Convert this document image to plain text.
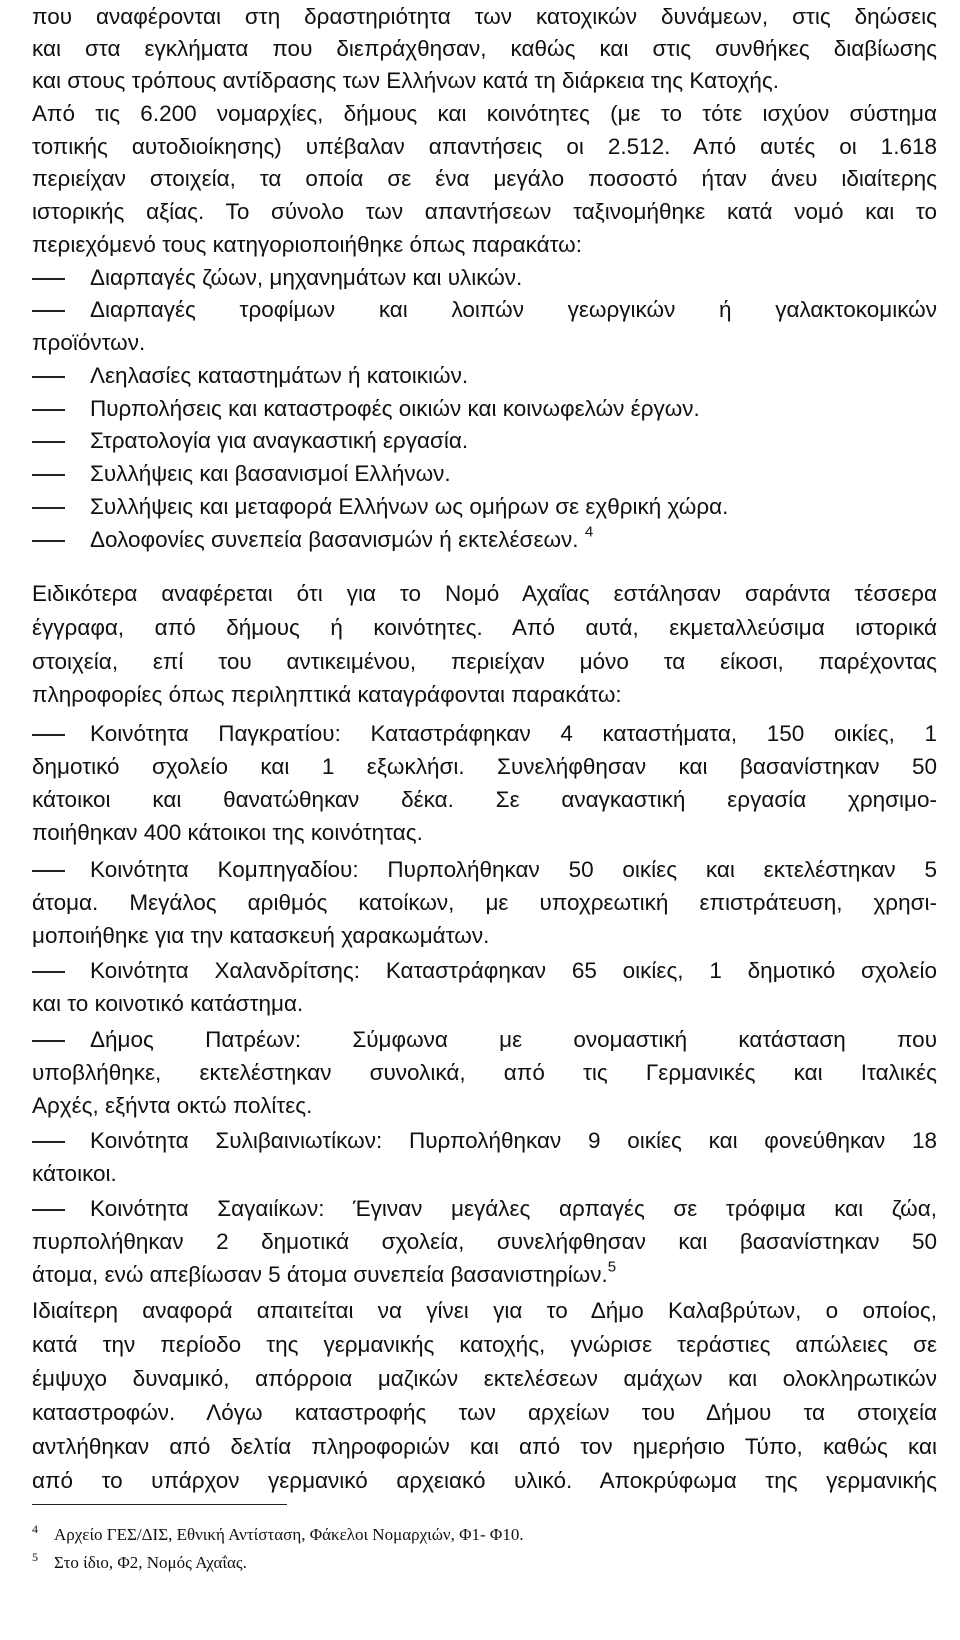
που αναφέρονται στη δραστηριότητα των κατοχικών δυνάμεων, στις δηώσεις

και στα εγκλήματα που διεπράχθησαν, καθώς και στις συνθήκες διαβίωσης

και στους τρόπους αντίδρασης των Ελλήνων κατά τη διάρκεια της Κατοχής.

Από τις 6.200 νομαρχίες, δήμους και κοινότητες (με το τότε ισχύον σύστημα

τοπικής αυτοδιοίκησης) υπέβαλαν απαντήσεις οι 2.512. Από αυτές οι 1.618

περιείχαν στοιχεία, τα οποία σε ένα μεγάλο ποσοστό ήταν άνευ ιδιαίτερης

ιστορικής αξίας. Το σύνολο των απαντήσεων ταξινομήθηκε κατά νομό και το

περιεχόμενό τους κατηγοριοποιήθηκε όπως παρακάτω:

Διαρπαγές ζώων, μηχανημάτων και υλικών.

Διαρπαγές τροφίμων και λοιπών γεωργικών ή γαλακτοκομικών

προϊόντων.

Λεηλασίες καταστημάτων ή κατοικιών.

Πυρπολήσεις και καταστροφές οικιών και κοινωφελών έργων.

Στρατολογία για αναγκαστική εργασία.

Συλλήψεις και βασανισμοί Ελλήνων.

Συλλήψεις και μεταφορά Ελλήνων ως ομήρων σε εχθρική χώρα.

Δολοφονίες συνεπεία βασανισμών ή εκτελέσεων. $^4$

Ειδικότερα αναφέρεται ότι για το Νομό Αχαΐας εστάλησαν σαράντα τέσσερα

έγγραφα, από δήμους ή κοινότητες. Από αυτά, εκμεταλλεύσιμα ιστορικά

στοιχεία, επί του αντικειμένου, περιείχαν μόνο τα είκοσι, παρέχοντας

πληροφορίες όπως περιληπτικά καταγράφονται παρακάτω:

Κοινότητα Παγκρατίου: Καταστράφηκαν 4 καταστήματα, 150 οικίες, 1

δημοτικό σχολείο και 1 εξωκλήσι. Συνελήφθησαν και βασανίστηκαν 50

κάτοικοι και θανατώθηκαν δέκα. Σε αναγκαστική εργασία χρησιμο-

ποιήθηκαν 400 κάτοικοι της κοινότητας.

Κοινότητα Κομπηγαδίου: Πυρπολήθηκαν 50 οικίες και εκτελέστηκαν 5

άτομα. Μεγάλος αριθμός κατοίκων, με υποχρεωτική επιστράτευση, χρησι-

μοποιήθηκε για την κατασκευή χαρακωμάτων.

Κοινότητα Χαλανδρίτσης: Καταστράφηκαν 65 οικίες, 1 δημοτικό σχολείο

και το κοινοτικό κατάστημα.

Δήμος Πατρέων: Σύμφωνα με ονομαστική κατάσταση που

υποβλήθηκε, εκτελέστηκαν συνολικά, από τις Γερμανικές και Ιταλικές

Αρχές, εξήντα οκτώ πολίτες.

Κοινότητα Συλιβαινιωτίκων: Πυρπολήθηκαν 9 οικίες και φονεύθηκαν 18

κάτοικοι.

Κοινότητα Σαγαιίκων: Έγιναν μεγάλες αρπαγές σε τρόφιμα και ζώα,

πυρπολήθηκαν 2 δημοτικά σχολεία, συνελήφθησαν και βασανίστηκαν 50

άτομα, ενώ απεβίωσαν 5 άτομα συνεπεία βασανιστηρίων.$^5$

Ιδιαίτερη αναφορά απαιτείται να γίνει για το Δήμο Καλαβρύτων, ο οποίος,

κατά την περίοδο της γερμανικής κατοχής, γνώρισε τεράστιες απώλειες σε

έμψυχο δυναμικό, απόρροια μαζικών εκτελέσεων αμάχων και ολοκληρωτικών

καταστροφών. Λόγω καταστροφής των αρχείων του Δήμου τα στοιχεία

αντλήθηκαν από δελτία πληροφοριών και από τον ημερήσιο Τύπο, καθώς και

από το υπάρχον γερμανικό αρχειακό υλικό. Αποκρύφωμα της γερμανικής

4

Αρχείο ΓΕΣ/ΔΙΣ, Εθνική Αντίσταση, Φάκελοι Νομαρχιών, Φ1- Φ10.

5

Στο ίδιο, Φ2, Νομός Αχαΐας.
